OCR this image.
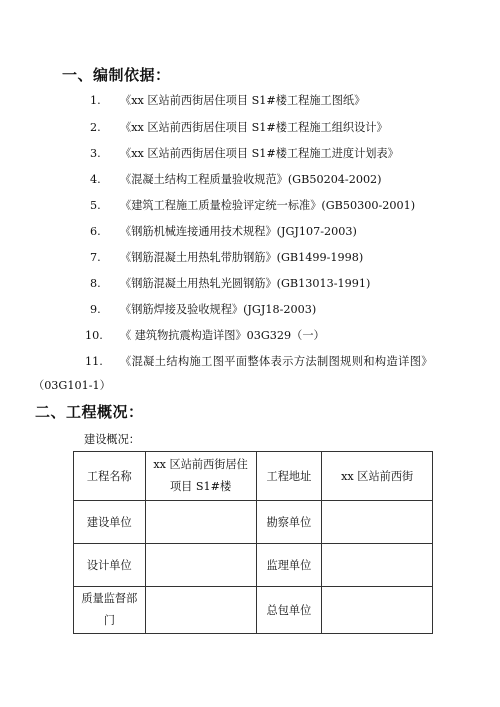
一、编制依据：
1.	《xx 区站前西街居住项目 S1#楼工程施工图纸》
2.	《xx 区站前西街居住项目 S1#楼工程施工组织设计》
3.	《xx 区站前西街居住项目 S1#楼工程施工进度计划表》
4.	《混凝土结构工程质量验收规范》(GB50204-2002)
5.	《建筑工程施工质量检验评定统一标准》(GB50300-2001)
6.	《钢筋机械连接通用技术规程》(JGJ107-2003)
7.	《钢筋混凝土用热轧带肋钢筋》(GB1499-1998)
8.	《钢筋混凝土用热轧光圆钢筋》(GB13013-1991)
9.	《钢筋焊接及验收规程》(JGJ18-2003)
10.	《 建筑物抗震构造详图》03G329（一）
11.	《混凝土结构施工图平面整体表示方法制图规则和构造详图》
（03G101-1）
二、工程概况：
建设概况：
工程名称	xx 区站前西街居住项目 S1#楼	工程地址	xx 区站前西街
建设单位		勘察单位	
设计单位		监理单位	
质量监督部门		总包单位	
